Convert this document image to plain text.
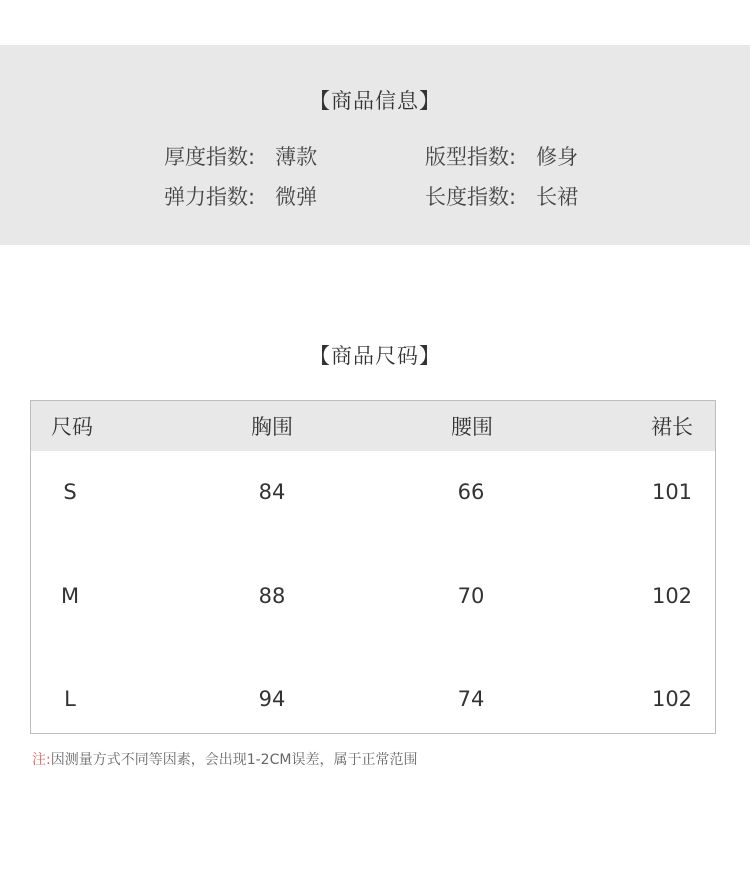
【商品信息】
厚度指数: 薄款	版型指数: 修身
弹力指数: 微弹	长度指数: 长裙
【商品尺码】
尺码	胸围	腰围	裙长
S	84	66	101
M	88	70	102
L	94	74	102
注:因测量方式不同等因素，会出现1-2CM误差，属于正常范围
